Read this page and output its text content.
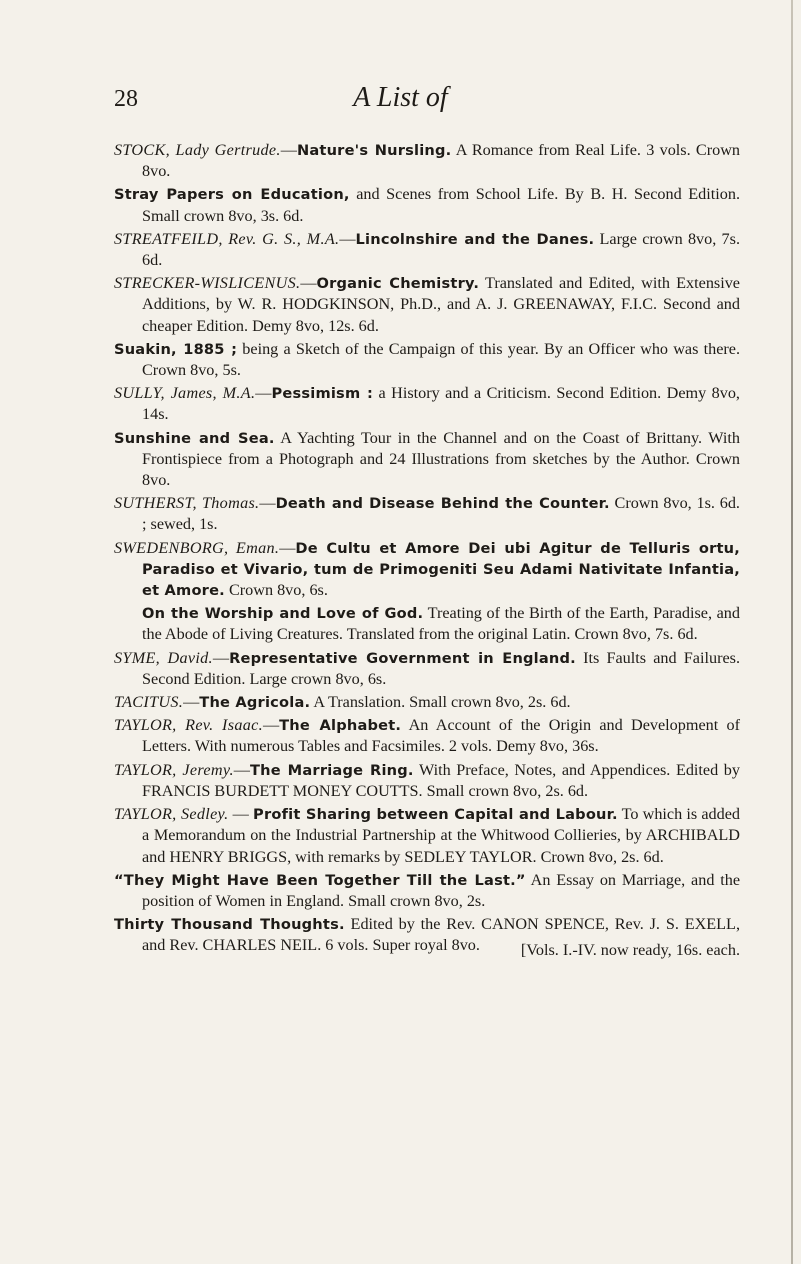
28	A List of

STOCK, Lady Gertrude.—Nature's Nursling. A Romance from Real Life. 3 vols. Crown 8vo.

Stray Papers on Education, and Scenes from School Life. By B. H. Second Edition. Small crown 8vo, 3s. 6d.

STREATFEILD, Rev. G. S., M.A.—Lincolnshire and the Danes. Large crown 8vo, 7s. 6d.

STRECKER-WISLICENUS.—Organic Chemistry. Translated and Edited, with Extensive Additions, by W. R. HODGKINSON, Ph.D., and A. J. GREENAWAY, F.I.C. Second and cheaper Edition. Demy 8vo, 12s. 6d.

Suakin, 1885 ; being a Sketch of the Campaign of this year. By an Officer who was there. Crown 8vo, 5s.

SULLY, James, M.A.—Pessimism : a History and a Criticism. Second Edition. Demy 8vo, 14s.

Sunshine and Sea. A Yachting Tour in the Channel and on the Coast of Brittany. With Frontispiece from a Photograph and 24 Illustrations from sketches by the Author. Crown 8vo.

SUTHERST, Thomas.—Death and Disease Behind the Counter. Crown 8vo, 1s. 6d. ; sewed, 1s.

SWEDENBORG, Eman.—De Cultu et Amore Dei ubi Agitur de Telluris ortu, Paradiso et Vivario, tum de Primogeniti Seu Adami Nativitate Infantia, et Amore. Crown 8vo, 6s.

On the Worship and Love of God. Treating of the Birth of the Earth, Paradise, and the Abode of Living Creatures. Translated from the original Latin. Crown 8vo, 7s. 6d.

SYME, David.—Representative Government in England. Its Faults and Failures. Second Edition. Large crown 8vo, 6s.

TACITUS.—The Agricola. A Translation. Small crown 8vo, 2s. 6d.

TAYLOR, Rev. Isaac.—The Alphabet. An Account of the Origin and Development of Letters. With numerous Tables and Facsimiles. 2 vols. Demy 8vo, 36s.

TAYLOR, Jeremy.—The Marriage Ring. With Preface, Notes, and Appendices. Edited by FRANCIS BURDETT MONEY COUTTS. Small crown 8vo, 2s. 6d.

TAYLOR, Sedley. — Profit Sharing between Capital and Labour. To which is added a Memorandum on the Industrial Partnership at the Whitwood Collieries, by ARCHIBALD and HENRY BRIGGS, with remarks by SEDLEY TAYLOR. Crown 8vo, 2s. 6d.

“They Might Have Been Together Till the Last.” An Essay on Marriage, and the position of Women in England. Small crown 8vo, 2s.

Thirty Thousand Thoughts. Edited by the Rev. CANON SPENCE, Rev. J. S. EXELL, and Rev. CHARLES NEIL. 6 vols. Super royal 8vo.	[Vols. I.-IV. now ready, 16s. each.
